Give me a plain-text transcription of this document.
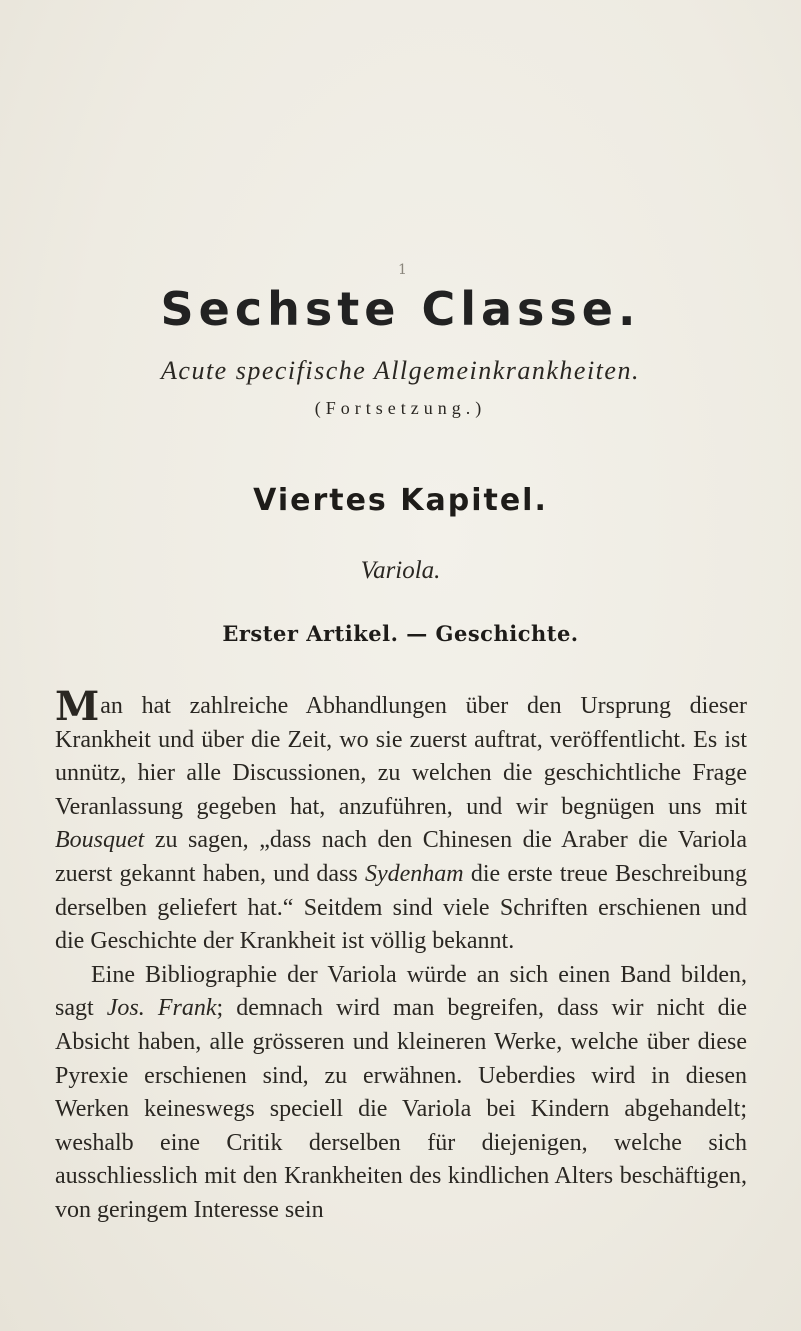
1
Sechste Classe.
Acute specifische Allgemeinkrankheiten.
(Fortsetzung.)
Viertes Kapitel.
Variola.
Erster Artikel. — Geschichte.

Man hat zahlreiche Abhandlungen über den Ursprung dieser Krankheit und über die Zeit, wo sie zuerst auftrat, veröffentlicht. Es ist unnütz, hier alle Discussionen, zu welchen die geschichtliche Frage Veranlassung gegeben hat, anzuführen, und wir begnügen uns mit Bousquet zu sagen, „dass nach den Chinesen die Araber die Variola zuerst gekannt haben, und dass Sydenham die erste treue Beschreibung derselben geliefert hat.“ Seitdem sind viele Schriften erschienen und die Geschichte der Krankheit ist völlig bekannt.

Eine Bibliographie der Variola würde an sich einen Band bilden, sagt Jos. Frank; demnach wird man begreifen, dass wir nicht die Absicht haben, alle grösseren und kleineren Werke, welche über diese Pyrexie erschienen sind, zu erwähnen. Ueberdies wird in diesen Werken keineswegs speciell die Variola bei Kindern abgehandelt; weshalb eine Critik derselben für diejenigen, welche sich ausschliesslich mit den Krankheiten des kindlichen Alters beschäftigen, von geringem Interesse sein
